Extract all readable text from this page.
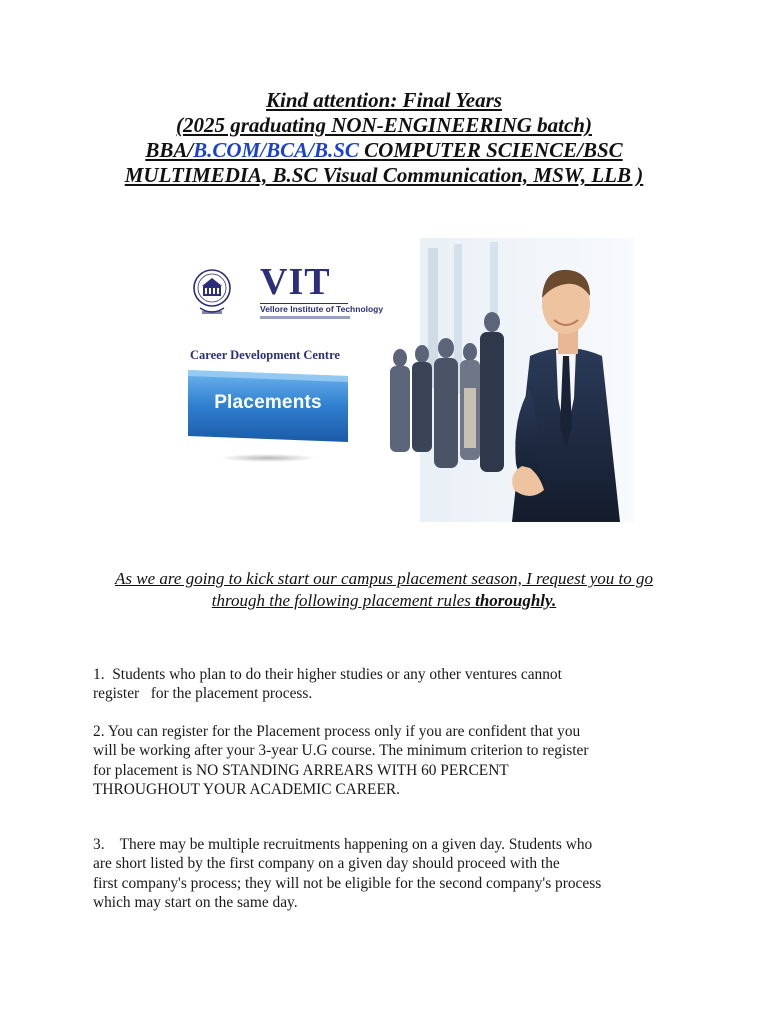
Kind attention: Final Years
(2025 graduating NON-ENGINEERING batch)
BBA/B.COM/BCA/B.SC COMPUTER SCIENCE/BSC
MULTIMEDIA, B.SC Visual Communication, MSW, LLB )
VIT
Vellore Institute of Technology
Career Development Centre
Placements
As we are going to kick start our campus placement season, I request you to go through the following placement rules thoroughly.
1.  Students who plan to do their higher studies or any other ventures cannot
register   for the placement process.
2. You can register for the Placement process only if you are confident that you
will be working after your 3-year U.G course. The minimum criterion to register
for placement is NO STANDING ARREARS WITH 60 PERCENT
THROUGHOUT YOUR ACADEMIC CAREER.
3.    There may be multiple recruitments happening on a given day. Students who
are short listed by the first company on a given day should proceed with the
first company's process; they will not be eligible for the second company's process
which may start on the same day.
